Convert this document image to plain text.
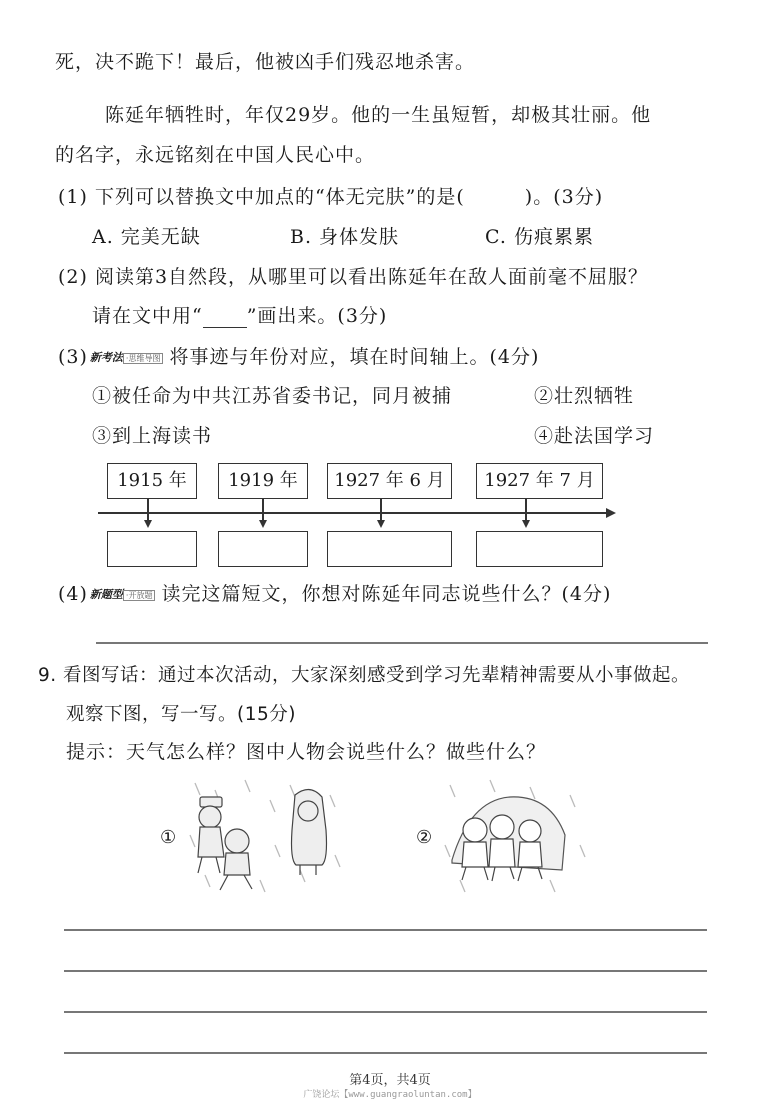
死，决不跪下！最后，他被凶手们残忍地杀害。
陈延年牺牲时，年仅29岁。他的一生虽短暂，却极其壮丽。他
的名字，永远铭刻在中国人民心中。
(1) 下列可以替换文中加点的“体无完肤”的是(	)。(3分)
A. 完美无缺	B. 身体发肤	C. 伤痕累累
(2) 阅读第3自然段，从哪里可以看出陈延年在敌人面前毫不屈服？
请在文中用“ ”画出来。(3分)
(3) 新考法 ·思维导图 将事迹与年份对应，填在时间轴上。(4分)
①被任命为中共江苏省委书记，同月被捕	②壮烈牺牲
③到上海读书	④赴法国学习
1915 年	1919 年	1927 年 6 月	1927 年 7 月
(4) 新题型 ·开放题 读完这篇短文，你想对陈延年同志说些什么？(4分)
9. 看图写话：通过本次活动，大家深刻感受到学习先辈精神需要从小事做起。
观察下图，写一写。(15分)
提示：天气怎么样？图中人物会说些什么？做些什么？
①	②
第4页，共4页
广饶论坛【www.guangraoluntan.com】
